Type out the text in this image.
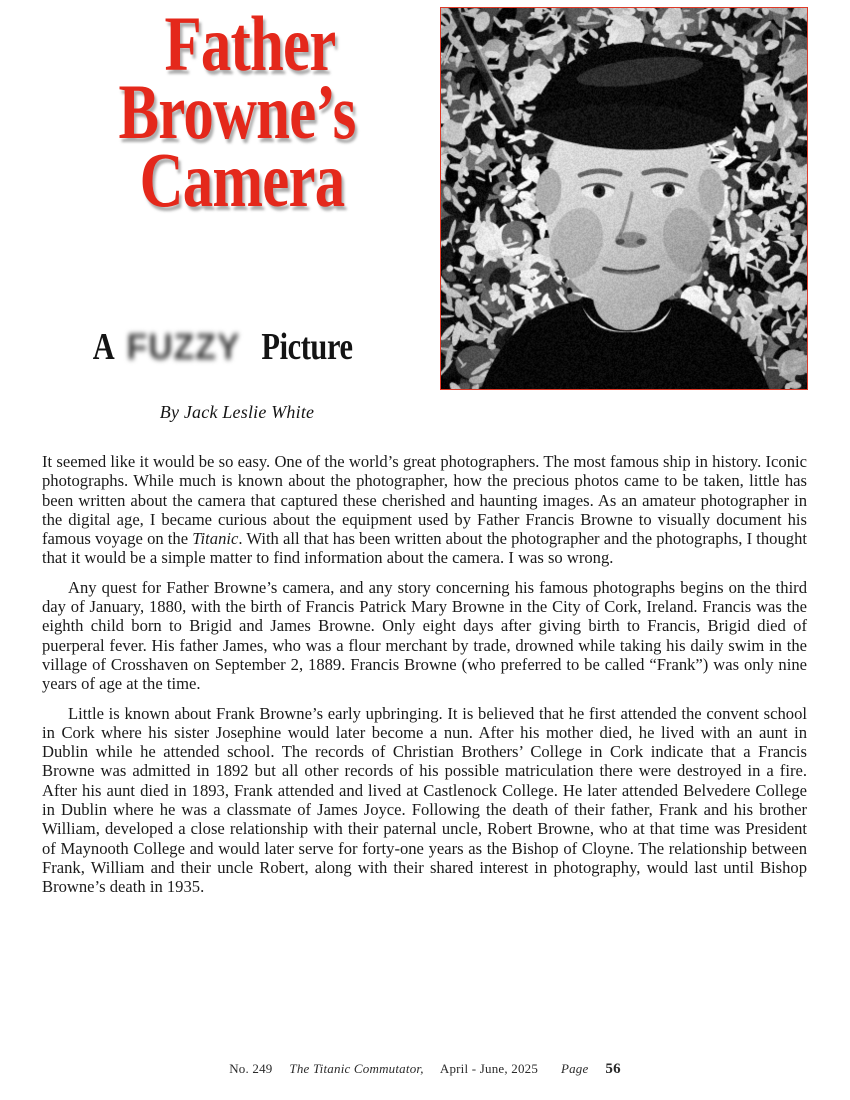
Father
Browne’s
Camera
A FUZZY Picture
By Jack Leslie White

It seemed like it would be so easy. One of the world’s great photographers. The most famous ship in history. Iconic photographs. While much is known about the photographer, how the precious photos came to be taken, little has been written about the camera that captured these cherished and haunting images. As an amateur photographer in the digital age, I became curious about the equipment used by Father Francis Browne to visually document his famous voyage on the Titanic. With all that has been written about the photographer and the photographs, I thought that it would be a simple matter to find information about the camera. I was so wrong.

Any quest for Father Browne’s camera, and any story concerning his famous photographs begins on the third day of January, 1880, with the birth of Francis Patrick Mary Browne in the City of Cork, Ireland. Francis was the eighth child born to Brigid and James Browne. Only eight days after giving birth to Francis, Brigid died of puerperal fever. His father James, who was a flour merchant by trade, drowned while taking his daily swim in the village of Crosshaven on September 2, 1889. Francis Browne (who preferred to be called “Frank”) was only nine years of age at the time.

Little is known about Frank Browne’s early upbringing. It is believed that he first attended the convent school in Cork where his sister Josephine would later become a nun. After his mother died, he lived with an aunt in Dublin while he attended school. The records of Christian Brothers’ College in Cork indicate that a Francis Browne was admitted in 1892 but all other records of his possible matriculation there were destroyed in a fire. After his aunt died in 1893, Frank attended and lived at Castlenock College. He later attended Belvedere College in Dublin where he was a classmate of James Joyce. Following the death of their father, Frank and his brother William, developed a close relationship with their paternal uncle, Robert Browne, who at that time was President of Maynooth College and would later serve for forty-one years as the Bishop of Cloyne. The relationship between Frank, William and their uncle Robert, along with their shared interest in photography, would last until Bishop Browne’s death in 1935.

No. 249 The Titanic Commutator, April - June, 2025 Page 56
